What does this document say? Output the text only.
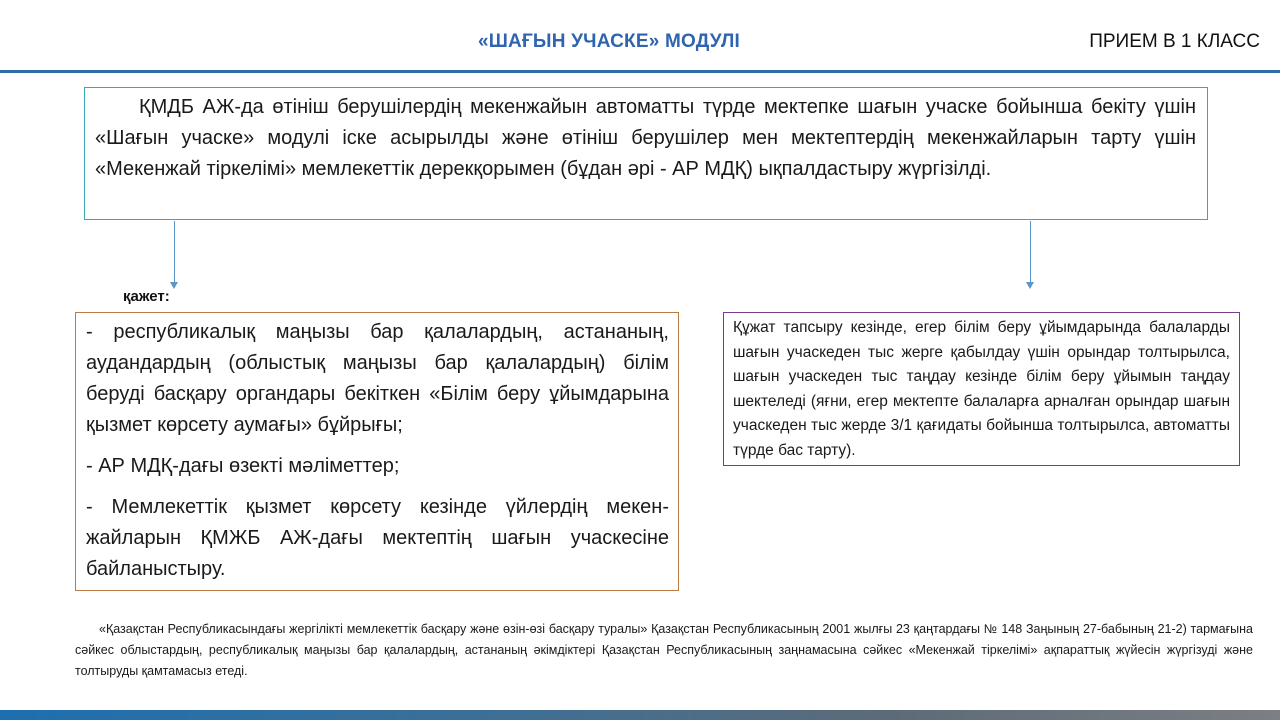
«ШАҒЫН УЧАСКЕ» МОДУЛІ	ПРИЕМ В 1 КЛАСС
ҚМДБ АЖ-да өтініш берушілердің мекенжайын автоматты түрде мектепке шағын учаске бойынша бекіту үшін «Шағын учаске» модулі іске асырылды және өтініш берушілер мен мектептердің мекенжайларын тарту үшін «Мекенжай тіркелімі» мемлекеттік дерекқорымен (бұдан әрі - АР МДҚ) ықпалдастыру жүргізілді.
қажет:

- республикалық маңызы бар қалалардың, астананың, аудандардың (облыстық маңызы бар қалалардың) білім беруді басқару органдары бекіткен «Білім беру ұйымдарына қызмет көрсету аумағы» бұйрығы;

- АР МДҚ-дағы өзекті мәліметтер;

- Мемлекеттік қызмет көрсету кезінде үйлердің мекен-жайларын ҚМЖБ АЖ-дағы мектептің шағын учаскесіне байланыстыру.

Құжат тапсыру кезінде, егер білім беру ұйымдарында балаларды шағын учаскеден тыс жерге қабылдау үшін орындар толтырылса, шағын учаскеден тыс таңдау кезінде білім беру ұйымын таңдау шектеледі (яғни, егер мектепте балаларға арналған орындар шағын учаскеден тыс жерде 3/1 қағидаты бойынша толтырылса, автоматты түрде бас тарту).
«Қазақстан Республикасындағы жергілікті мемлекеттік басқару және өзін-өзі басқару туралы» Қазақстан Республикасының 2001 жылғы 23 қаңтардағы № 148 Заңының 27-бабының 21-2) тармағына сәйкес облыстардың, республикалық маңызы бар қалалардың, астананың әкімдіктері Қазақстан Республикасының заңнамасына сәйкес «Мекенжай тіркелімі» ақпараттық жүйесін жүргізуді және толтыруды қамтамасыз етеді.
